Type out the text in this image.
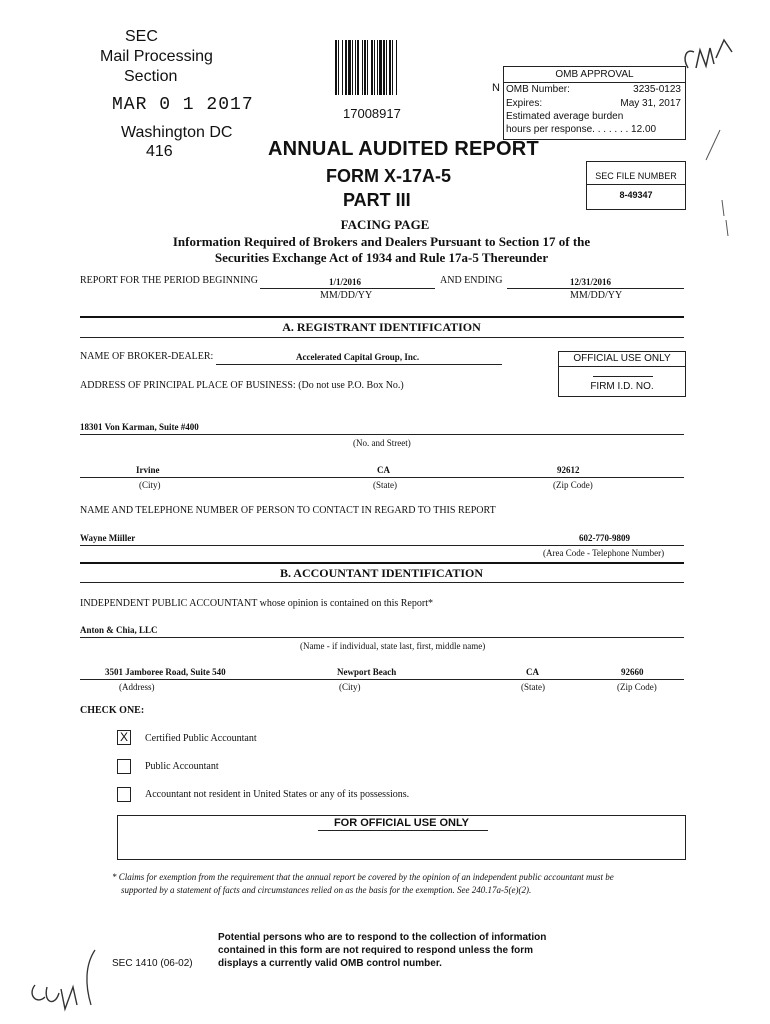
SEC
Mail Processing
Section
MAR 0 1 2017
Washington DC
416
17008917
N
ANNUAL AUDITED REPORT
FORM X-17A-5
PART III
OMB APPROVAL
OMB Number:	3235-0123
Expires:	May 31, 2017
Estimated average burden
hours per response. . . . . . . 12.00
SEC FILE NUMBER
8-49347
FACING PAGE
Information Required of Brokers and Dealers Pursuant to Section 17 of the
Securities Exchange Act of 1934 and Rule 17a-5 Thereunder
REPORT FOR THE PERIOD BEGINNING	1/1/2016
MM/DD/YY
AND ENDING	12/31/2016
MM/DD/YY
A. REGISTRANT IDENTIFICATION
NAME OF BROKER-DEALER:	Accelerated Capital Group, Inc.	OFFICIAL USE ONLY
FIRM I.D. NO.
ADDRESS OF PRINCIPAL PLACE OF BUSINESS: (Do not use P.O. Box No.)
18301 Von Karman, Suite #400
(No. and Street)
Irvine	CA	92612
(City)	(State)	(Zip Code)
NAME AND TELEPHONE NUMBER OF PERSON TO CONTACT IN REGARD TO THIS REPORT
Wayne Miiller	602-770-9809
(Area Code - Telephone Number)
B. ACCOUNTANT IDENTIFICATION
INDEPENDENT PUBLIC ACCOUNTANT whose opinion is contained on this Report*
Anton & Chia, LLC
(Name - if individual, state last, first, middle name)
3501 Jamboree Road, Suite 540	Newport Beach	CA	92660
(Address)	(City)	(State)	(Zip Code)
CHECK ONE:
X	Certified Public Accountant
Public Accountant
Accountant not resident in United States or any of its possessions.
FOR OFFICIAL USE ONLY
* Claims for exemption from the requirement that the annual report be covered by the opinion of an independent public accountant must be
supported by a statement of facts and circumstances relied on as the basis for the exemption. See 240.17a-5(e)(2).
SEC 1410 (06-02)
Potential persons who are to respond to the collection of information
contained in this form are not required to respond unless the form
displays a currently valid OMB control number.
